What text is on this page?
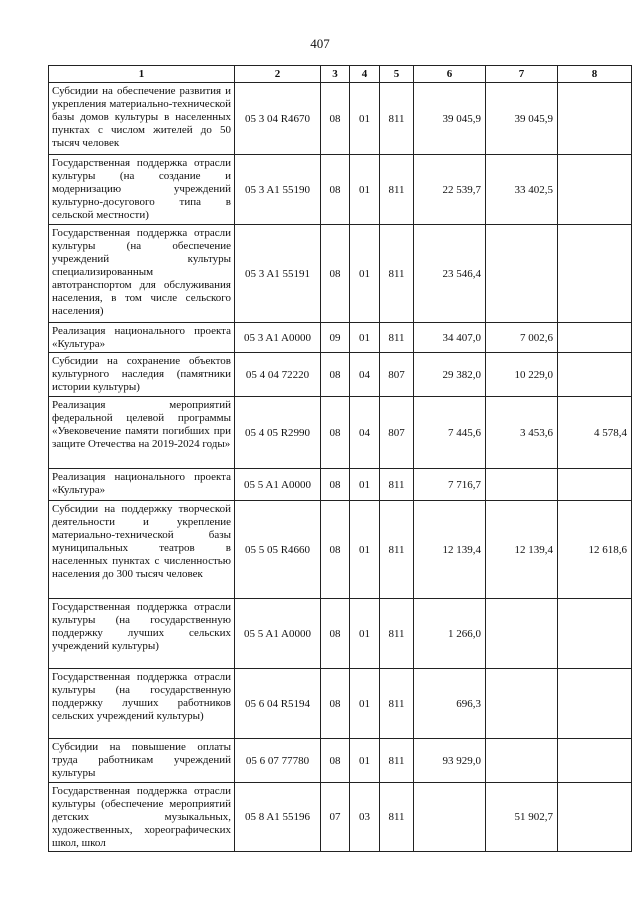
407
1	2	3	4	5	6	7	8
Субсидии на обеспечение развития и укрепления материально-технической базы домов культуры в населенных пунктах с числом жителей до 50 тысяч человек	05 3 04 R4670	08	01	811	39 045,9	39 045,9	
Государственная поддержка отрасли культуры (на создание и модернизацию учреждений культурно-досугового типа в сельской местности)	05 3 A1 55190	08	01	811	22 539,7	33 402,5	
Государственная поддержка отрасли культуры (на обеспечение учреждений культуры специализированным автотранспортом для обслуживания населения, в том числе сельского населения)	05 3 A1 55191	08	01	811	23 546,4		
Реализация национального проекта «Культура»	05 3 A1 A0000	09	01	811	34 407,0	7 002,6	
Субсидии на сохранение объектов культурного наследия (памятники истории культуры)	05 4 04 72220	08	04	807	29 382,0	10 229,0	
Реализация мероприятий федеральной целевой программы «Увековечение памяти погибших при защите Отечества на 2019-2024 годы»	05 4 05 R2990	08	04	807	7 445,6	3 453,6	4 578,4
Реализация национального проекта «Культура»	05 5 A1 A0000	08	01	811	7 716,7		
Субсидии на поддержку творческой деятельности и укрепление материально-технической базы муниципальных театров в населенных пунктах с численностью населения до 300 тысяч человек	05 5 05 R4660	08	01	811	12 139,4	12 139,4	12 618,6
Государственная поддержка отрасли культуры (на государственную поддержку лучших сельских учреждений культуры)	05 5 A1 A0000	08	01	811	1 266,0		
Государственная поддержка отрасли культуры (на государственную поддержку лучших работников сельских учреждений культуры)	05 6 04 R5194	08	01	811	696,3		
Субсидии на повышение оплаты труда работникам учреждений культуры	05 6 07 77780	08	01	811	93 929,0		
Государственная поддержка отрасли культуры (обеспечение мероприятий детских музыкальных, художественных, хореографических школ, школ	05 8 A1 55196	07	03	811		51 902,7	
